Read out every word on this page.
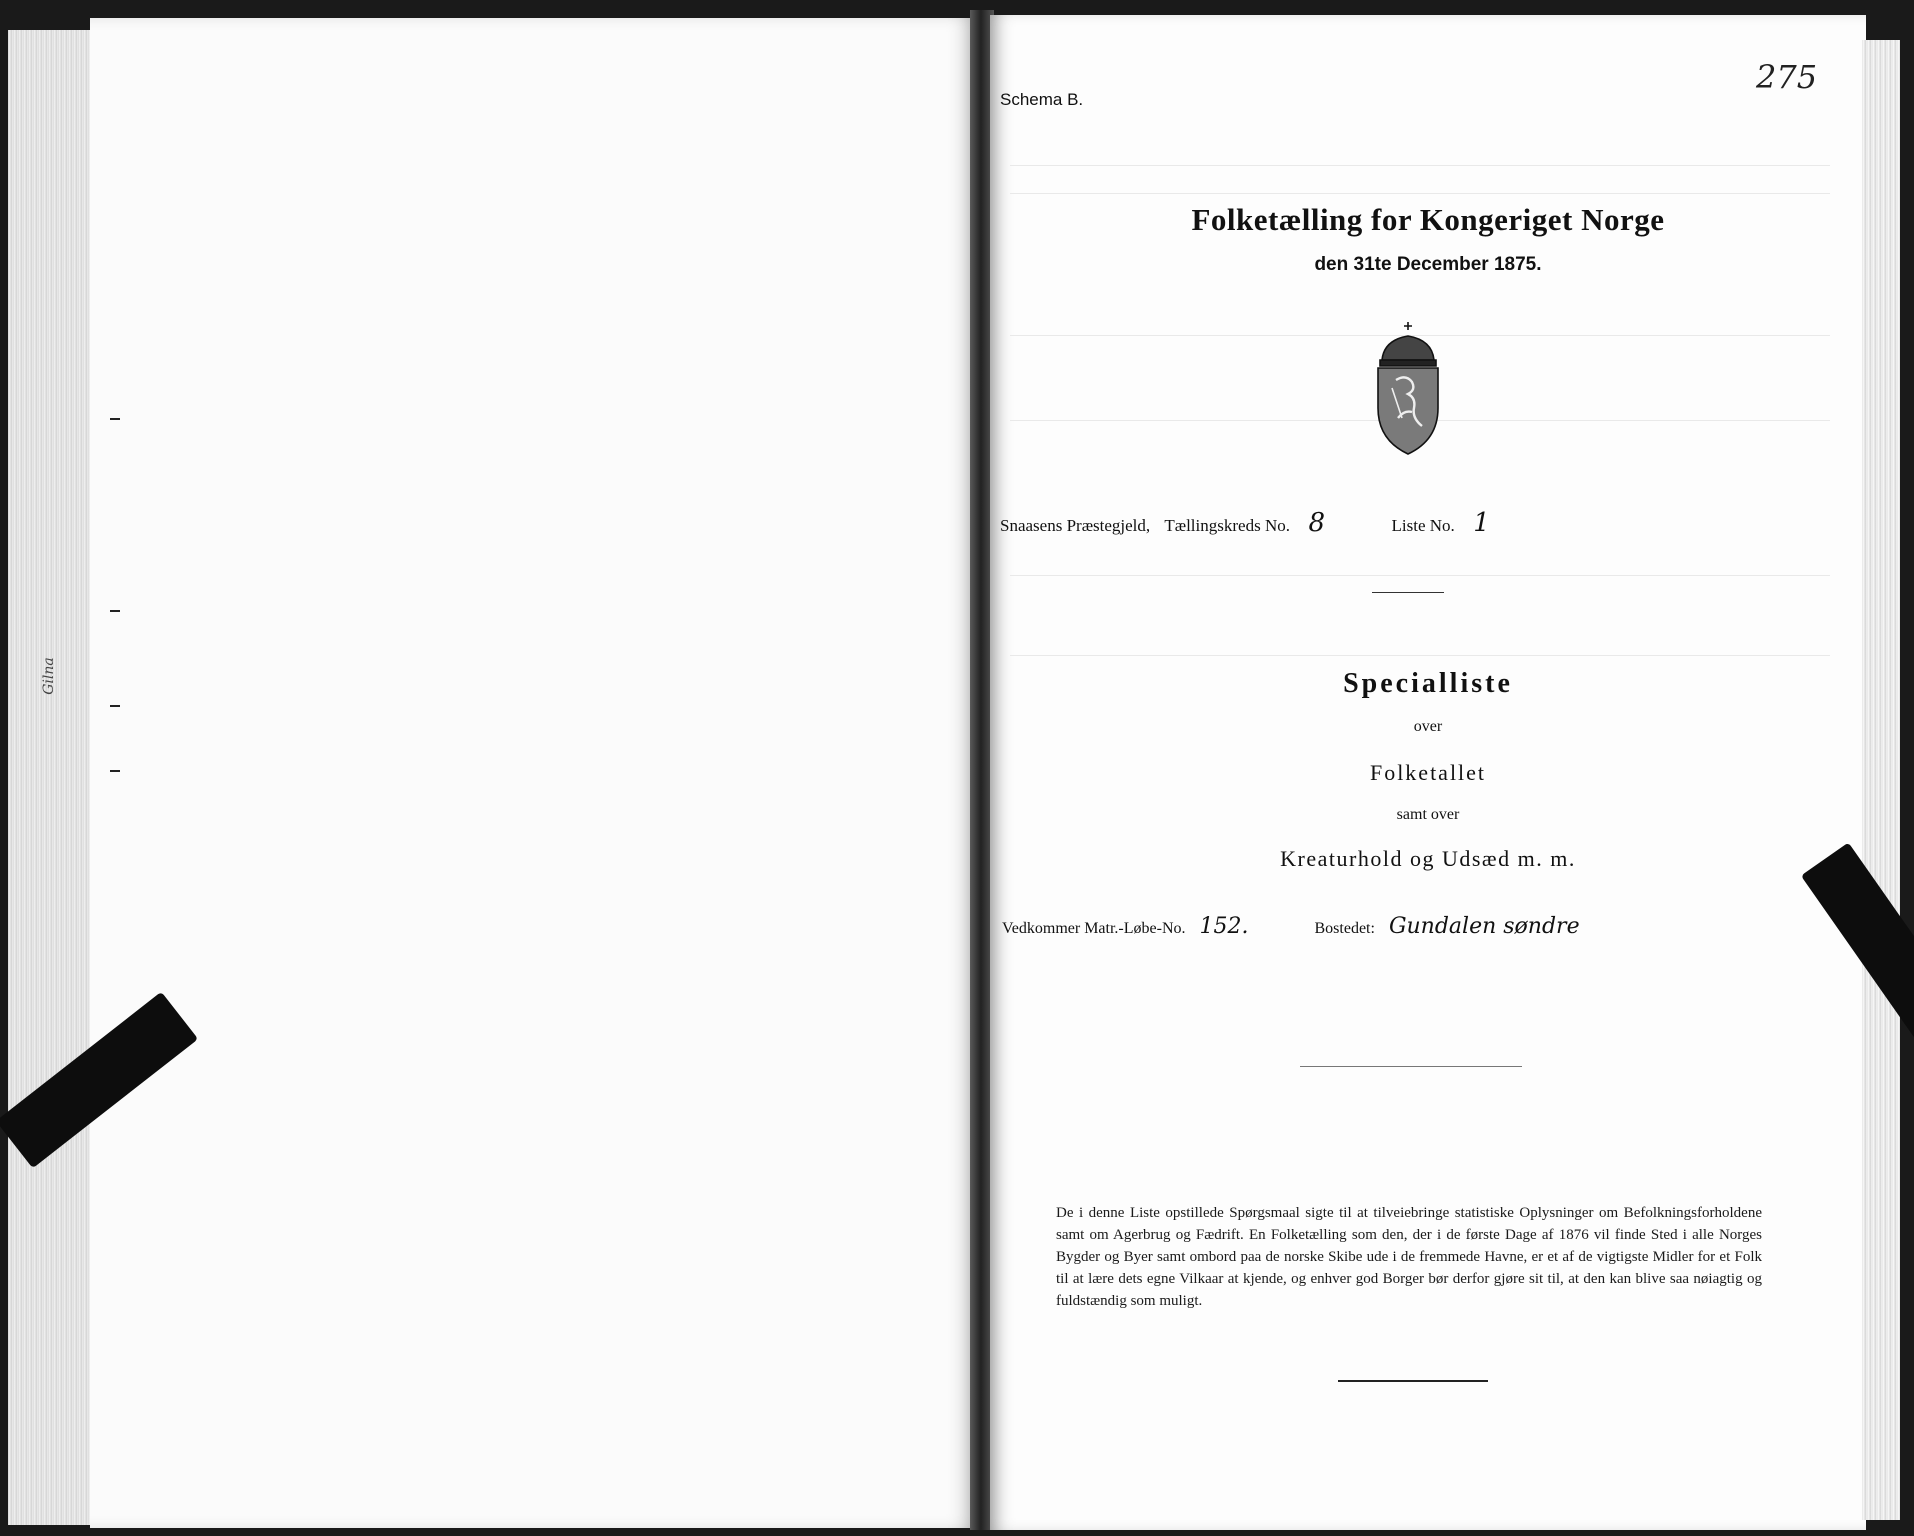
Gilna
275
Schema B.
Folketælling for Kongeriget Norge
den 31te December 1875.
Snaasens Præstegjeld, Tællingskreds No. 8	Liste No. 1
Specialliste
over
Folketallet
samt over
Kreaturhold og Udsæd m. m.
Vedkommer Matr.-Løbe-No. 152.	Bostedet: Gundalen søndre
De i denne Liste opstillede Spørgsmaal sigte til at tilveiebringe statistiske Oplysninger om Befolkningsforholdene samt om Agerbrug og Fædrift. En Folketælling som den, der i de første Dage af 1876 vil finde Sted i alle Norges Bygder og Byer samt ombord paa de norske Skibe ude i de fremmede Havne, er et af de vigtigste Midler for et Folk til at lære dets egne Vilkaar at kjende, og enhver god Borger bør derfor gjøre sit til, at den kan blive saa nøiagtig og fuldstændig som muligt.
